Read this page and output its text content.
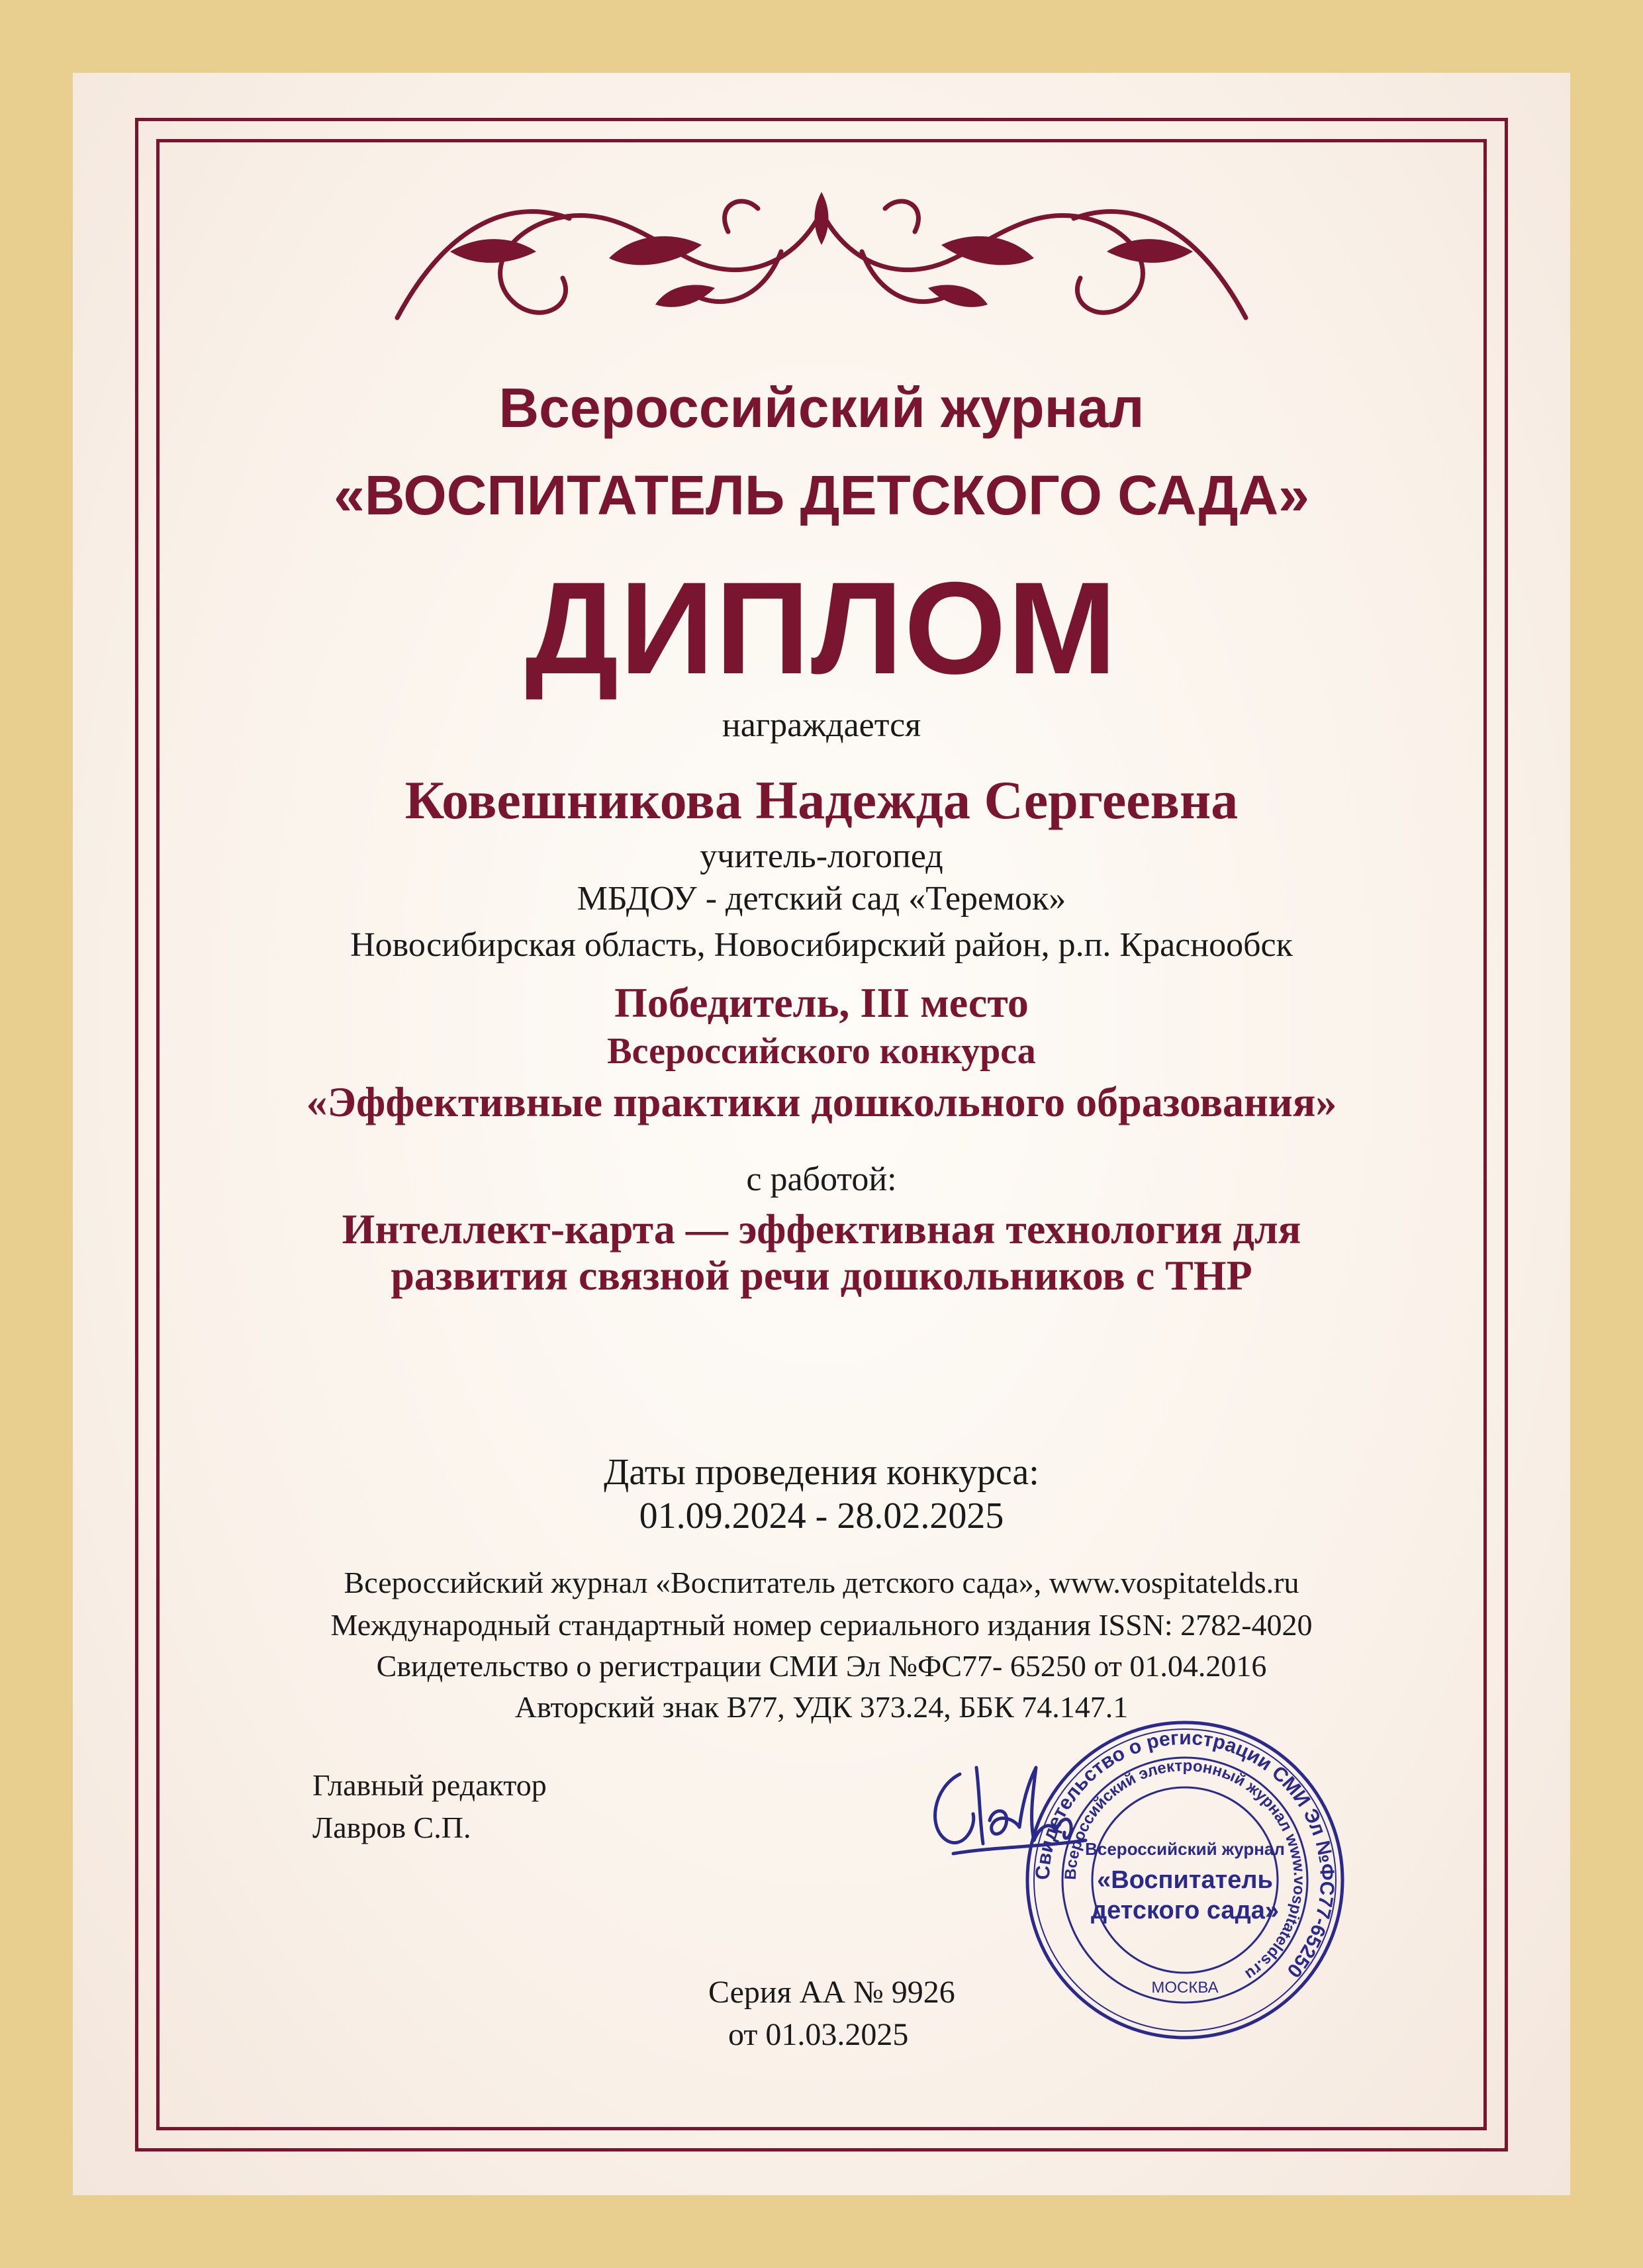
Всероссийский журнал
«ВОСПИТАТЕЛЬ ДЕТСКОГО САДА»
ДИПЛОМ
награждается
Ковешникова Надежда Сергеевна
учитель-логопед
МБДОУ - детский сад «Теремок»
Новосибирская область, Новосибирский район, р.п. Краснообск
Победитель, III место
Всероссийского конкурса
«Эффективные практики дошкольного образования»
с работой:
Интеллект-карта — эффективная технология для
развития связной речи дошкольников с ТНР
Даты проведения конкурса:
01.09.2024 - 28.02.2025
Всероссийский журнал «Воспитатель детского сада», www.vospitatelds.ru
Международный стандартный номер сериального издания ISSN: 2782-4020
Свидетельство о регистрации СМИ Эл №ФС77- 65250 от 01.04.2016
Авторский знак В77, УДК 373.24, ББК 74.147.1
Главный редактор
Лавров С.П.
Свидетельство о регистрации СМИ Эл №ФС77-65250
Всероссийский электронный журнал www.vospitatelds.ru
Всероссийский журнал
«Воспитатель
детского сада»
МОСКВА
Серия АА № 9926
от 01.03.2025
